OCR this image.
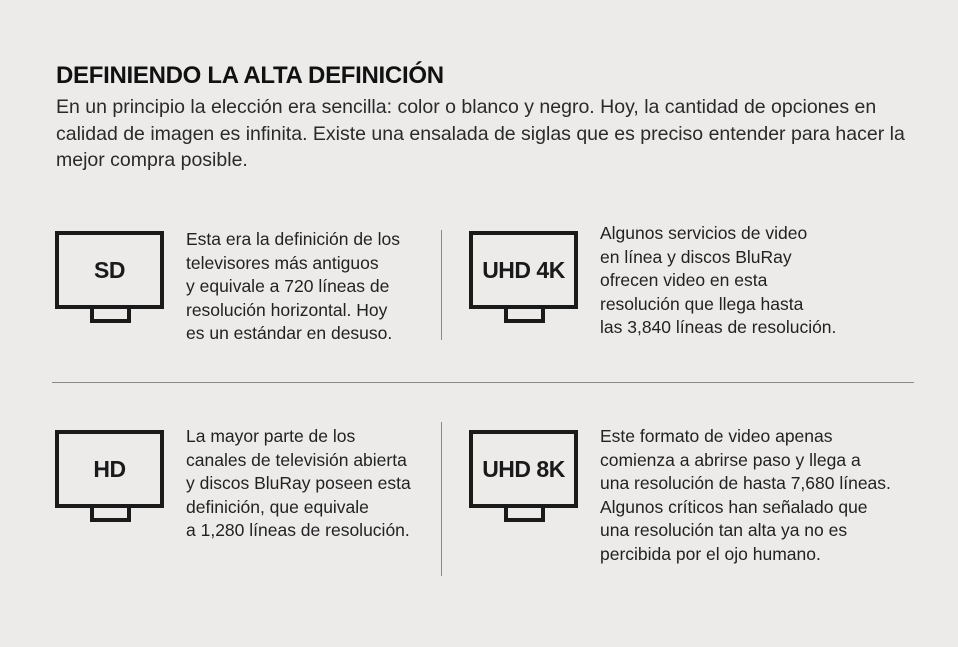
DEFINIENDO LA ALTA DEFINICIÓN

En un principio la elección era sencilla: color o blanco y negro. Hoy, la cantidad de opciones en calidad de imagen es infinita. Existe una ensalada de siglas que es preciso entender para hacer la mejor compra posible.

SD
Esta era la definición de los
televisores más antiguos
y equivale a 720 líneas de
resolución horizontal. Hoy
es un estándar en desuso.
UHD 4K
Algunos servicios de video
en línea y discos BluRay
ofrecen video en esta
resolución que llega hasta
las 3,840 líneas de resolución.
HD
La mayor parte de los
canales de televisión abierta
y discos BluRay poseen esta
definición, que equivale
a 1,280 líneas de resolución.
UHD 8K
Este formato de video apenas
comienza a abrirse paso y llega a
una resolución de hasta 7,680 líneas.
Algunos críticos han señalado que
una resolución tan alta ya no es
percibida por el ojo humano.
